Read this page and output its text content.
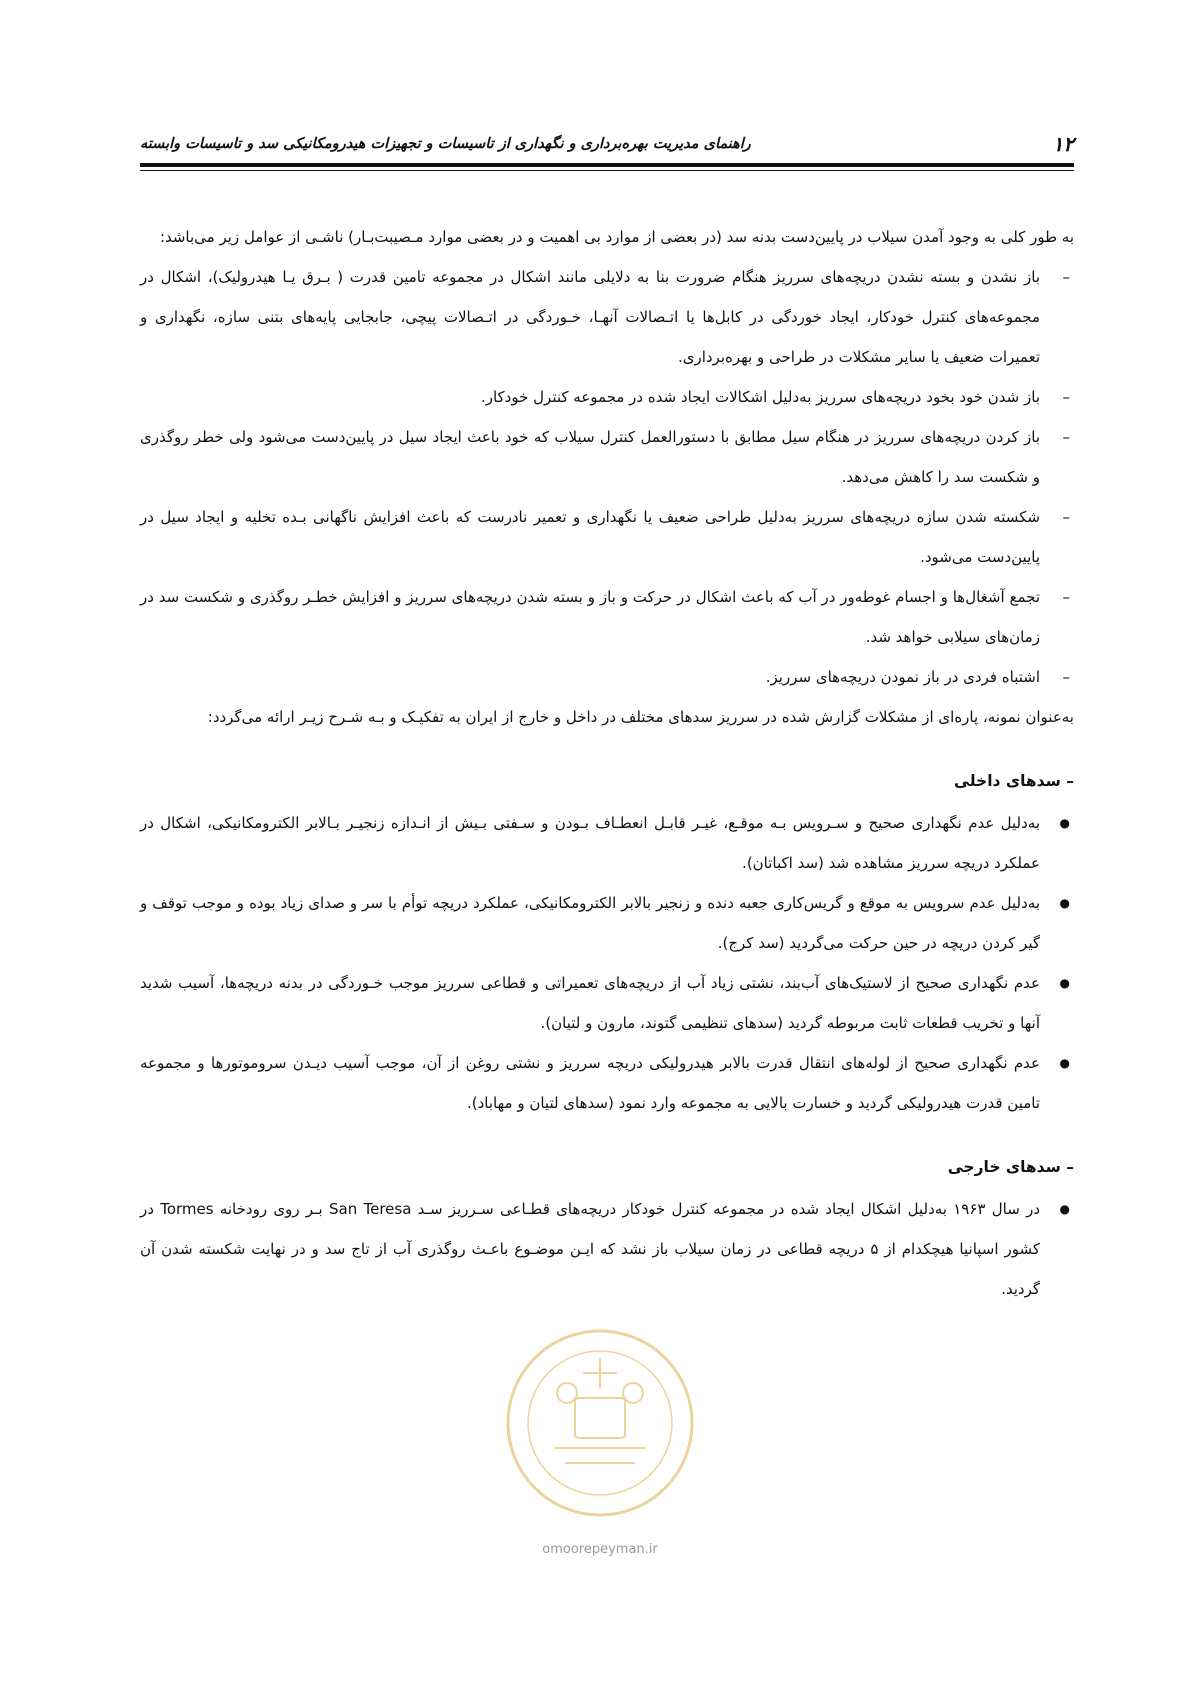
۱۲
راهنمای مدیریت بهره‌برداری و نگهداری از تاسیسات و تجهیزات هیدرومکانیکی سد و تاسیسات وابسته

به طور کلی به وجود آمدن سیلاب در پایین‌دست بدنه سد (در بعضی از موارد بی اهمیت و در بعضی موارد مـصیبت‌بـار) ناشـی از عوامل زیر می‌باشد:

–
باز نشدن و بسته نشدن دریچه‌های سرریز هنگام ضرورت بنا به دلایلی مانند اشکال در مجموعه تامین قدرت ( بـرق یـا هیدرولیک)، اشکال در مجموعه‌های کنترل خودکار، ایجاد خوردگی در کابل‌ها یا اتـصالات آنهـا، خـوردگی در اتـصالات پیچی، جابجایی پایه‌های بتنی سازه، نگهداری و تعمیرات ضعیف یا سایر مشکلات در طراحی و بهره‌برداری.
–
باز شدن خود بخود دریچه‌های سرریز به‌دلیل اشکالات ایجاد شده در مجموعه کنترل خودکار.
–
باز کردن دریچه‌های سرریز در هنگام سیل مطابق با دستورالعمل کنترل سیلاب که خود باعث ایجاد سیل در پایین‌دست می‌شود ولی خطر روگذری و شکست سد را کاهش می‌دهد.
–
شکسته شدن سازه دریچه‌های سرریز به‌دلیل طراحی ضعیف یا نگهداری و تعمیر نادرست که باعث افزایش ناگهانی بـده تخلیه و ایجاد سیل در پایین‌دست می‌شود.
–
تجمع آشغال‌ها و اجسام غوطه‌ور در آب که باعث اشکال در حرکت و باز و بسته شدن دریچه‌های سرریز و افزایش خطـر روگذری و شکست سد در زمان‌های سیلابی خواهد شد.
–
اشتباه فردی در باز نمودن دریچه‌های سرریز.

به‌عنوان نمونه، پاره‌ای از مشکلات گزارش شده در سرریز سدهای مختلف در داخل و خارج از ایران به تفکیـک و بـه شـرح زیـر ارائه می‌گردد:

– سدهای داخلی
●
به‌دلیل عدم نگهداری صحیح و سـرویس بـه موقـع، غیـر قابـل انعطـاف بـودن و سـفتی بـیش از انـدازه زنجیـر بـالابر الکترومکانیکی، اشکال در عملکرد دریچه سرریز مشاهده شد (سد اکباتان).
●
به‌دلیل عدم سرویس به موقع و گریس‌کاری جعبه دنده و زنجیر بالابر الکترومکانیکی، عملکرد دریچه توأم با سر و صدای زیاد بوده و موجب توقف و گیر کردن دریچه در حین حرکت می‌گردید (سد کرج).
●
عدم نگهداری صحیح از لاستیک‌های آب‌بند، نشتی زیاد آب از دریچه‌های تعمیراتی و قطاعی سرریز موجب خـوردگی در بدنه دریچه‌ها، آسیب شدید آنها و تخریب قطعات ثابت مربوطه گردید (سدهای تنظیمی گتوند، مارون و لتیان).
●
عدم نگهداری صحیح از لوله‌های انتقال قدرت بالابر هیدرولیکی دریچه سرریز و نشتی روغن از آن، موجب آسیب دیـدن سروموتورها و مجموعه تامین قدرت هیدرولیکی گردید و خسارت بالایی به مجموعه وارد نمود (سدهای لتیان و مهاباد).
– سدهای خارجی
●
در سال ۱۹۶۳ به‌دلیل اشکال ایجاد شده در مجموعه کنترل خودکار دریچه‌های قطـاعی سـرریز سـد San Teresa بـر روی رودخانه Tormes در کشور اسپانیا هیچکدام از ۵ دریچه قطاعی در زمان سیلاب باز نشد که ایـن موضـوع باعـث روگذری آب از تاج سد و در نهایت شکسته شدن آن گردید.
omoorepeyman.ir
